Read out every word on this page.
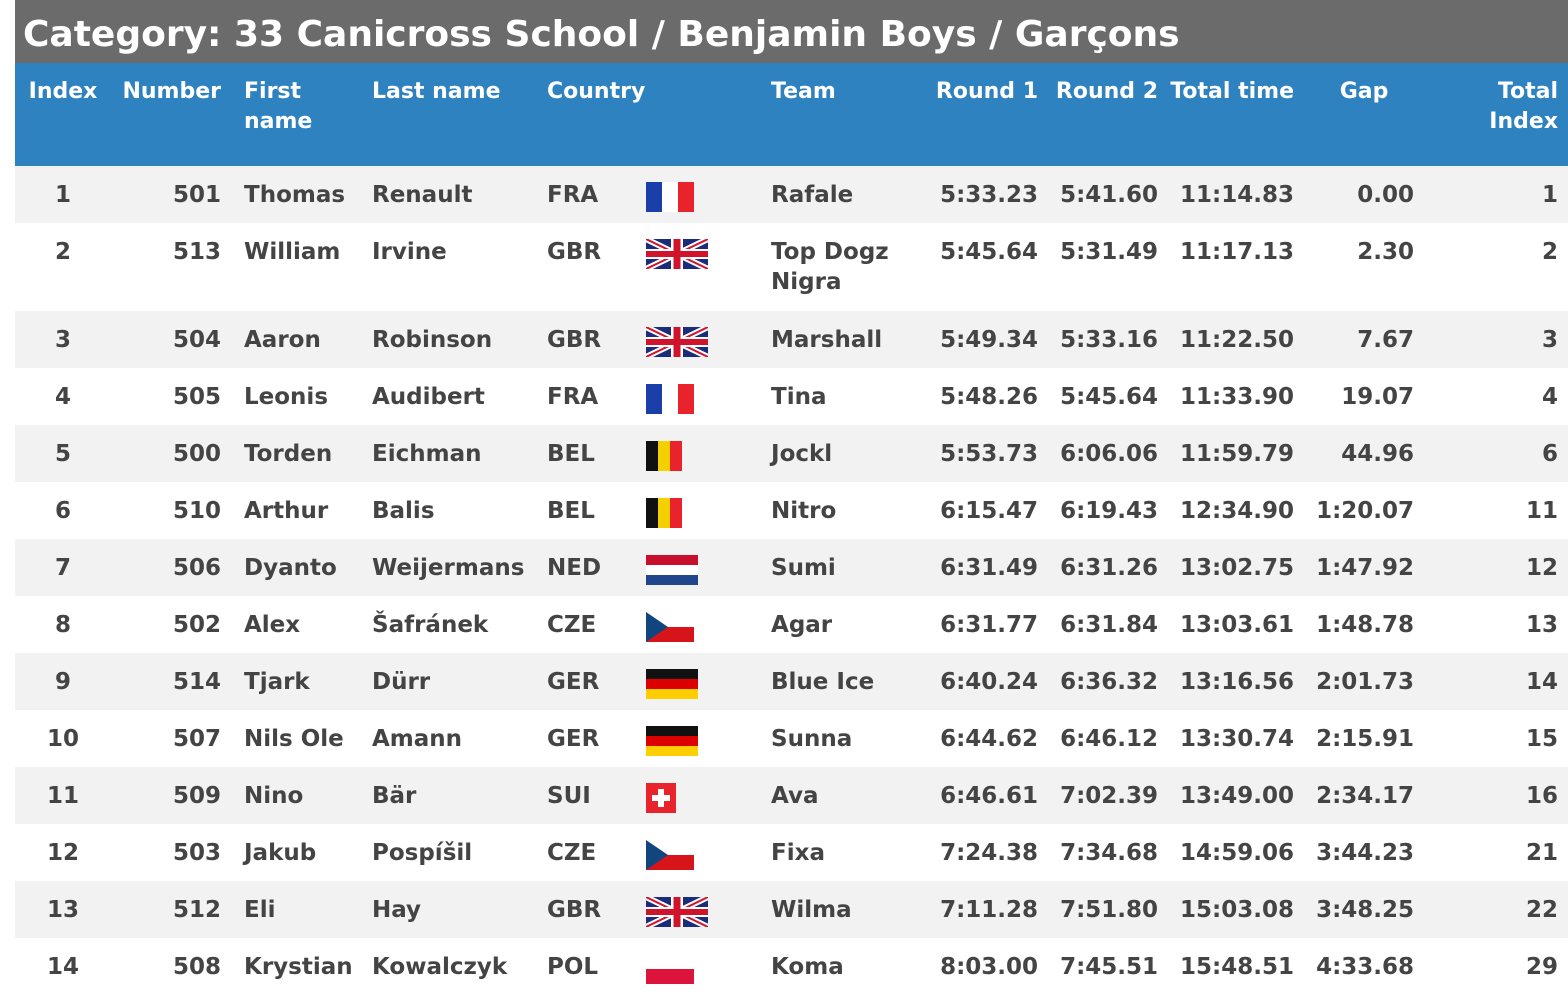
Category: 33 Canicross School / Benjamin Boys / Garçons
Index	Number	First name	Last name	Country		Team	Round 1	Round 2	Total time	Gap	Total Index
1	501	Thomas	Renault	FRA		Rafale	5:33.23	5:41.60	11:14.83	0.00	1
2	513	William	Irvine	GBR		Top Dogz Nigra	5:45.64	5:31.49	11:17.13	2.30	2
3	504	Aaron	Robinson	GBR		Marshall	5:49.34	5:33.16	11:22.50	7.67	3
4	505	Leonis	Audibert	FRA		Tina	5:48.26	5:45.64	11:33.90	19.07	4
5	500	Torden	Eichman	BEL		Jockl	5:53.73	6:06.06	11:59.79	44.96	6
6	510	Arthur	Balis	BEL		Nitro	6:15.47	6:19.43	12:34.90	1:20.07	11
7	506	Dyanto	Weijermans	NED		Sumi	6:31.49	6:31.26	13:02.75	1:47.92	12
8	502	Alex	Šafránek	CZE		Agar	6:31.77	6:31.84	13:03.61	1:48.78	13
9	514	Tjark	Dürr	GER		Blue Ice	6:40.24	6:36.32	13:16.56	2:01.73	14
10	507	Nils Ole	Amann	GER		Sunna	6:44.62	6:46.12	13:30.74	2:15.91	15
11	509	Nino	Bär	SUI		Ava	6:46.61	7:02.39	13:49.00	2:34.17	16
12	503	Jakub	Pospíšil	CZE		Fixa	7:24.38	7:34.68	14:59.06	3:44.23	21
13	512	Eli	Hay	GBR		Wilma	7:11.28	7:51.80	15:03.08	3:48.25	22
14	508	Krystian	Kowalczyk	POL		Koma	8:03.00	7:45.51	15:48.51	4:33.68	29
